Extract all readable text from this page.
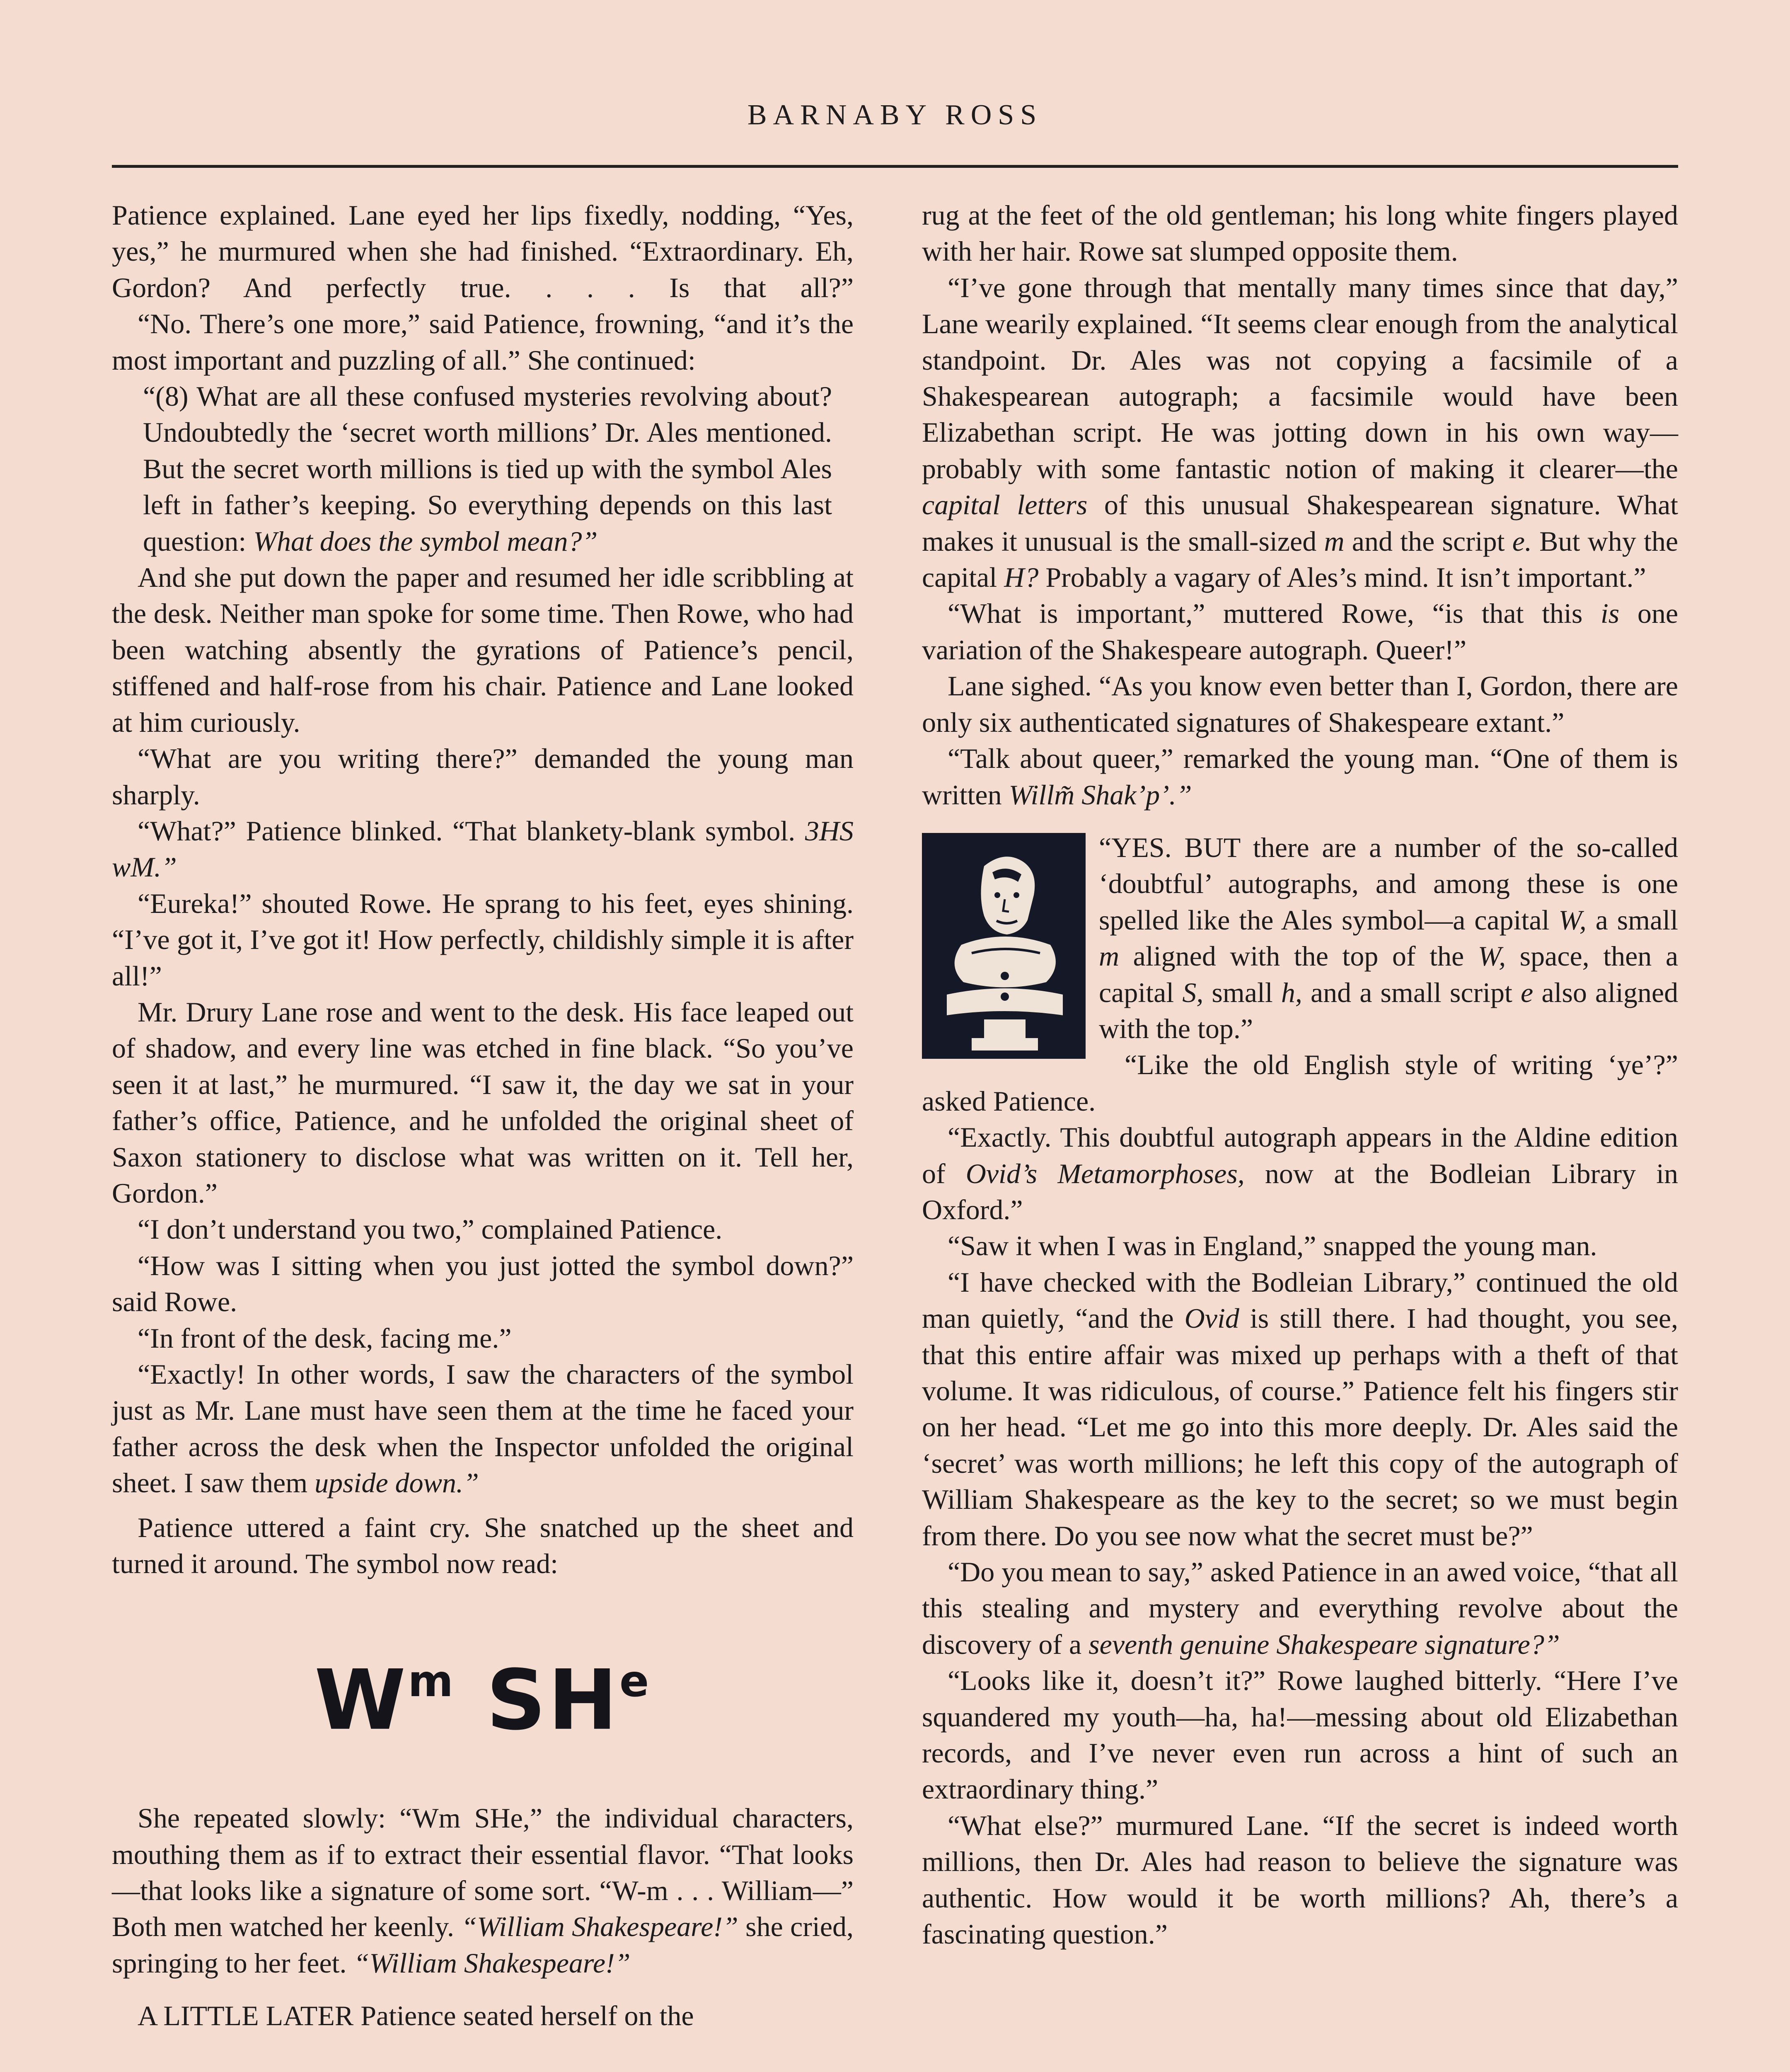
BARNABY ROSS

Patience explained. Lane eyed her lips fixedly, nodding, “Yes, yes,” he murmured when she had finished. “Extraordinary. Eh, Gordon? And perfectly true. . . . Is that all?”

“No. There’s one more,” said Patience, frowning, “and it’s the most important and puzzling of all.” She continued:

“(8) What are all these confused mysteries revolving about? Undoubtedly the ‘secret worth millions’ Dr. Ales mentioned. But the secret worth millions is tied up with the symbol Ales left in father’s keeping. So everything depends on this last question: What does the symbol mean?”

And she put down the paper and resumed her idle scribbling at the desk. Neither man spoke for some time. Then Rowe, who had been watching absently the gyrations of Patience’s pencil, stiffened and half-rose from his chair. Patience and Lane looked at him curiously.

“What are you writing there?” demanded the young man sharply.

“What?” Patience blinked. “That blankety-blank symbol. 3HS wM.”

“Eureka!” shouted Rowe. He sprang to his feet, eyes shining. “I’ve got it, I’ve got it! How perfectly, childishly simple it is after all!”

Mr. Drury Lane rose and went to the desk. His face leaped out of shadow, and every line was etched in fine black. “So you’ve seen it at last,” he murmured. “I saw it, the day we sat in your father’s office, Patience, and he unfolded the original sheet of Saxon stationery to disclose what was written on it. Tell her, Gordon.”

“I don’t understand you two,” complained Patience.

“How was I sitting when you just jotted the symbol down?” said Rowe.

“In front of the desk, facing me.”

“Exactly! In other words, I saw the characters of the symbol just as Mr. Lane must have seen them at the time he faced your father across the desk when the Inspector unfolded the original sheet. I saw them upside down.”

Patience uttered a faint cry. She snatched up the sheet and turned it around. The symbol now read:

$W^m$ $SH^e$

She repeated slowly: “Wm SHe,” the individual characters, mouthing them as if to extract their essential flavor. “That looks—that looks like a signature of some sort. “W-m . . . William—” Both men watched her keenly. “William Shakespeare!” she cried, springing to her feet. “William Shakespeare!”

A LITTLE LATER Patience seated herself on the

rug at the feet of the old gentleman; his long white fingers played with her hair. Rowe sat slumped opposite them.

“I’ve gone through that mentally many times since that day,” Lane wearily explained. “It seems clear enough from the analytical standpoint. Dr. Ales was not copying a facsimile of a Shakespearean autograph; a facsimile would have been Elizabethan script. He was jotting down in his own way—probably with some fantastic notion of making it clearer—the capital letters of this unusual Shakespearean signature. What makes it unusual is the small-sized m and the script e. But why the capital H? Probably a vagary of Ales’s mind. It isn’t important.”

“What is important,” muttered Rowe, “is that this is one variation of the Shakespeare autograph. Queer!”

Lane sighed. “As you know even better than I, Gordon, there are only six authenticated signatures of Shakespeare extant.”

“Talk about queer,” remarked the young man. “One of them is written Willm̃ Shak’p’.”

“YES. BUT there are a number of the so-called ‘doubtful’ autographs, and among these is one spelled like the Ales symbol—a capital W, a small m aligned with the top of the W, space, then a capital S, small h, and a small script e also aligned with the top.”

“Like the old English style of writing ‘ye’?” asked Patience.

“Exactly. This doubtful autograph appears in the Aldine edition of Ovid’s Metamorphoses, now at the Bodleian Library in Oxford.”

“Saw it when I was in England,” snapped the young man.

“I have checked with the Bodleian Library,” continued the old man quietly, “and the Ovid is still there. I had thought, you see, that this entire affair was mixed up perhaps with a theft of that volume. It was ridiculous, of course.” Patience felt his fingers stir on her head. “Let me go into this more deeply. Dr. Ales said the ‘secret’ was worth millions; he left this copy of the autograph of William Shakespeare as the key to the secret; so we must begin from there. Do you see now what the secret must be?”

“Do you mean to say,” asked Patience in an awed voice, “that all this stealing and mystery and everything revolve about the discovery of a seventh genuine Shakespeare signature?”

“Looks like it, doesn’t it?” Rowe laughed bitterly. “Here I’ve squandered my youth—ha, ha!—messing about old Elizabethan records, and I’ve never even run across a hint of such an extraordinary thing.”

“What else?” murmured Lane. “If the secret is indeed worth millions, then Dr. Ales had reason to believe the signature was authentic. How would it be worth millions? Ah, there’s a fascinating question.”
